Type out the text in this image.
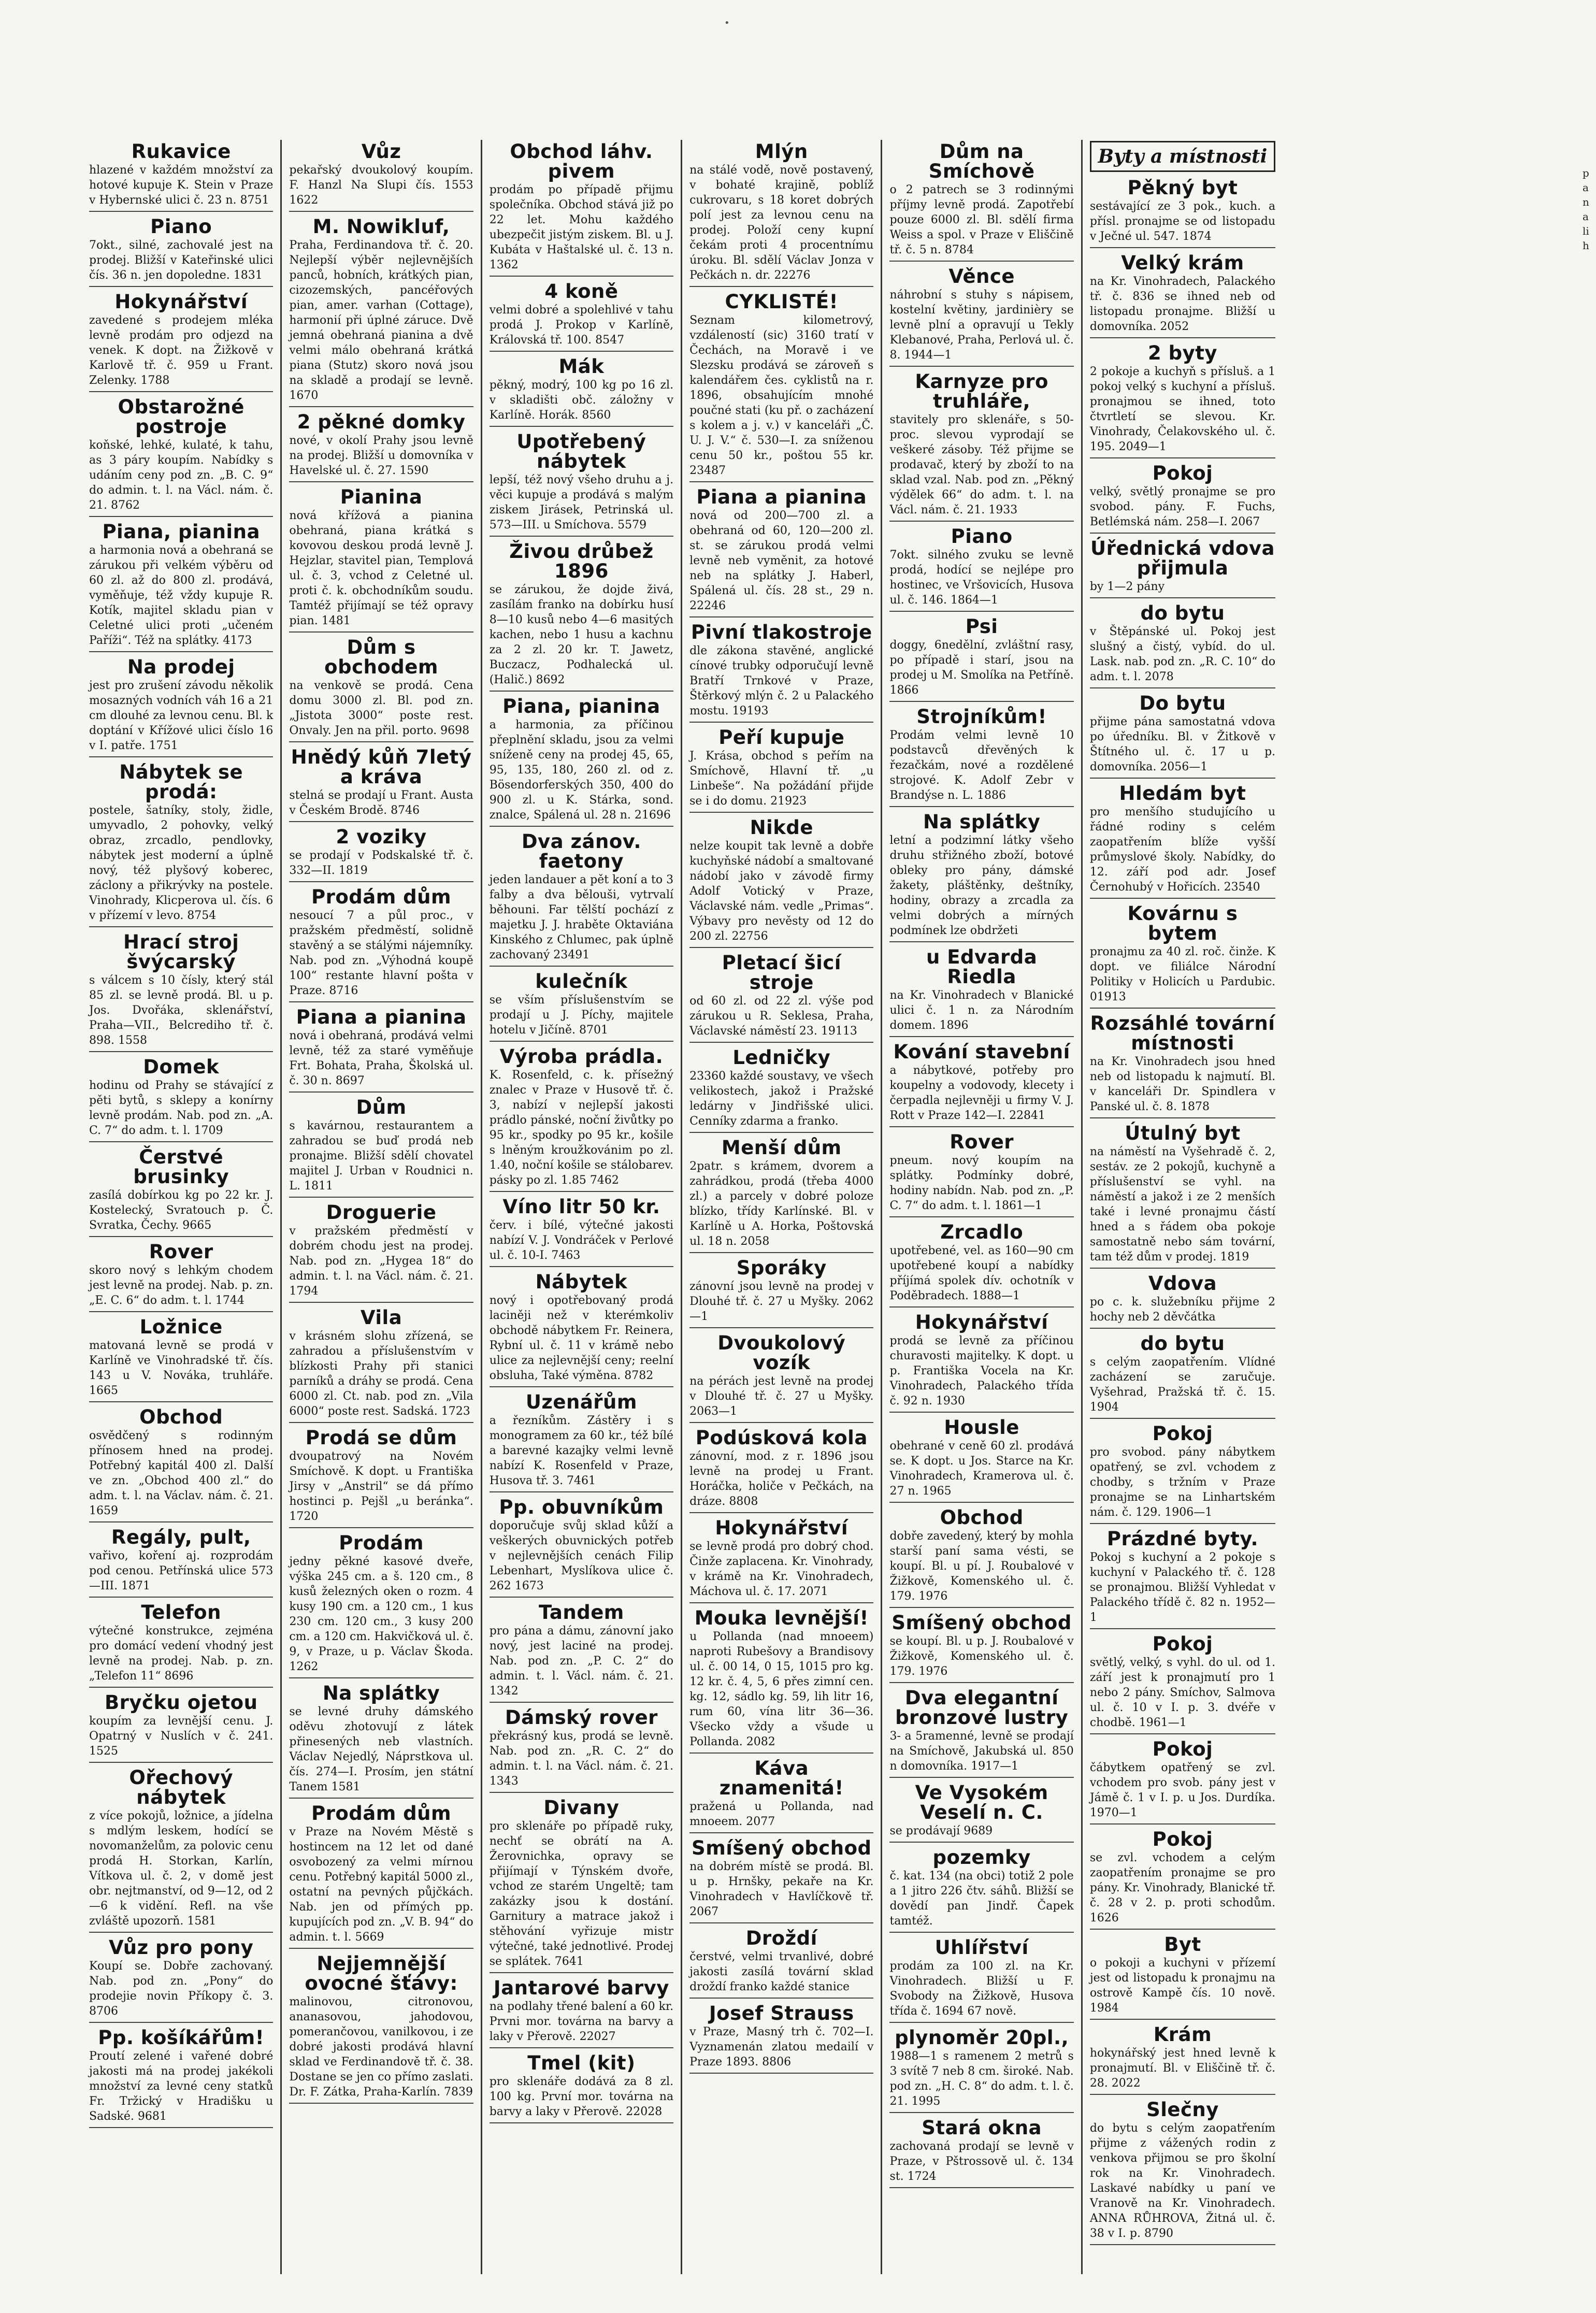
•
Rukavice
hlazené v každém množství za hotové kupuje K. Stein v Praze v Hybernské ulici č. 23 n. 8751
Piano
7okt., silné, zachovalé jest na prodej. Bližší v Kateřinské ulici čís. 36 n. jen dopoledne. 1831
Hokynářství
zavedené s prodejem mléka levně prodám pro odjezd na venek. K dopt. na Žižkově v Karlově tř. č. 959 u Frant. Zelenky. 1788
Obstarožné postroje
koňské, lehké, kulaté, k tahu, as 3 páry koupím. Nabídky s udáním ceny pod zn. „B. C. 9“ do admin. t. l. na Václ. nám. č. 21. 8762
Piana, pianina
a harmonia nová a obehraná se zárukou při velkém výběru od 60 zl. až do 800 zl. prodává, vyměňuje, též vždy kupuje R. Kotík, majitel skladu pian v Celetné ulici proti „učeném Paříži“. Též na splátky. 4173
Na prodej
jest pro zrušení závodu několik mosazných vodních váh 16 a 21 cm dlouhé za levnou cenu. Bl. k doptání v Křížové ulici číslo 16 v I. patře. 1751
Nábytek se prodá:
postele, šatníky, stoly, židle, umyvadlo, 2 pohovky, velký obraz, zrcadlo, pendlovky, nábytek jest moderní a úplně nový, též plyšový koberec, záclony a přikrývky na postele. Vinohrady, Klicperova ul. čís. 6 v přízemí v levo. 8754
Hrací stroj švýcarský
s válcem s 10 čísly, který stál 85 zl. se levně prodá. Bl. u p. Jos. Dvořáka, sklenářství, Praha—VII., Belcrediho tř. č. 898. 1558
Domek
hodinu od Prahy se stávající z pěti bytů, s sklepy a konírny levně prodám. Nab. pod zn. „A. C. 7“ do adm. t. l. 1709
Čerstvé brusinky
zasílá dobírkou kg po 22 kr. J. Kostelecký, Svratouch p. Č. Svratka, Čechy. 9665
Rover
skoro nový s lehkým chodem jest levně na prodej. Nab. p. zn. „E. C. 6“ do adm. t. l. 1744
Ložnice
matovaná levně se prodá v Karlíně ve Vinohradské tř. čís. 143 u V. Nováka, truhláře. 1665
Obchod
osvědčený s rodinným přínosem hned na prodej. Potřebný kapitál 400 zl. Další ve zn. „Obchod 400 zl.“ do adm. t. l. na Václav. nám. č. 21. 1659
Regály, pult,
vařivo, koření aj. rozprodám pod cenou. Petřínská ulice 573—III. 1871
Telefon
výtečné konstrukce, zejména pro domácí vedení vhodný jest levně na prodej. Nab. p. zn. „Telefon 11“ 8696
Bryčku ojetou
koupím za levnější cenu. J. Opatrný v Nuslích v č. 241. 1525
Ořechový nábytek
z více pokojů, ložnice, a jídelna s mdlým leskem, hodící se novomanželům, za polovic cenu prodá H. Storkan, Karlín, Vítkova ul. č. 2, v domě jest obr. nejtmanství, od 9—12, od 2—6 k vidění. Refl. na vše zvláště upozorň. 1581
Vůz pro pony
Koupí se. Dobře zachovaný. Nab. pod zn. „Pony“ do prodejie novin Příkopy č. 3. 8706
Pp. košíkářům!
Proutí zelené i vařené dobré jakosti má na prodej jakékoli množství za levné ceny statků Fr. Tržický v Hradišku u Sadské. 9681
Vůz
pekařský dvoukolový koupím. F. Hanzl Na Slupi čís. 1553 1622
M. Nowikluf,
Praha, Ferdinandova tř. č. 20. Nejlepší výběr nejlevnějších panců, hobních, krátkých pian, cizozemských, pancéřových pian, amer. varhan (Cottage), harmonií při úplné záruce. Dvě jemná obehraná pianina a dvě velmi málo obehraná krátká piana (Stutz) skoro nová jsou na skladě a prodají se levně. 1670
2 pěkné domky
nové, v okolí Prahy jsou levně na prodej. Bližší u domovníka v Havelské ul. č. 27. 1590
Pianina
nová křížová a pianina obehraná, piana krátká s kovovou deskou prodá levně J. Hejzlar, stavitel pian, Templová ul. č. 3, vchod z Celetné ul. proti č. k. obchodníkům soudu. Tamtéž přijímají se též opravy pian. 1481
Dům s obchodem
na venkově se prodá. Cena domu 3000 zl. Bl. pod zn. „Jistota 3000“ poste rest. Onvaly. Jen na přil. porto. 9698
Hnědý kůň 7letý a kráva
stelná se prodají u Frant. Austa v Českém Brodě. 8746
2 voziky
se prodají v Podskalské tř. č. 332—II. 1819
Prodám dům
nesoucí 7 a půl proc., v pražském předměstí, solidně stavěný a se stálými nájemníky. Nab. pod zn. „Výhodná koupě 100“ restante hlavní pošta v Praze. 8716
Piana a pianina
nová i obehraná, prodává velmi levně, též za staré vyměňuje Frt. Bohata, Praha, Školská ul. č. 30 n. 8697
Dům
s kavárnou, restaurantem a zahradou se buď prodá neb pronajme. Bližší sdělí chovatel majitel J. Urban v Roudnici n. L. 1811
Droguerie
v pražském předměstí v dobrém chodu jest na prodej. Nab. pod zn. „Hygea 18“ do admin. t. l. na Václ. nám. č. 21. 1794
Vila
v krásném slohu zřízená, se zahradou a příslušenstvím v blízkosti Prahy při stanici parníků a dráhy se prodá. Cena 6000 zl. Ct. nab. pod zn. „Vila 6000“ poste rest. Sadská. 1723
Prodá se dům
dvoupatrový na Novém Smíchově. K dopt. u Františka Jirsy v „Anstril“ se dá přímo hostinci p. Pejšl „u beránka“. 1720
Prodám
jedny pěkné kasové dveře, výška 245 cm. a š. 120 cm., 8 kusů železných oken o rozm. 4 kusy 190 cm. a 120 cm., 1 kus 230 cm. 120 cm., 3 kusy 200 cm. a 120 cm. Hakvičková ul. č. 9, v Praze, u p. Václav Škoda. 1262
Na splátky
se levné druhy dámského oděvu zhotovují z látek přinesených neb vlastních. Václav Nejedlý, Náprstkova ul. čís. 274—I. Prosím, jen státní Tanem 1581
Prodám dům
v Praze na Novém Městě s hostincem na 12 let od dané osvobozený za velmi mírnou cenu. Potřebný kapitál 5000 zl., ostatní na pevných půjčkách. Nab. jen od přímých pp. kupujících pod zn. „V. B. 94“ do admin. t. l. 5669
Nejjemnější ovocné šťávy:
malinovou, citronovou, ananasovou, jahodovou, pomerančovou, vanilkovou, i ze dobré jakosti prodává hlavní sklad ve Ferdinandově tř. č. 38. Dostane se jen co přímo zaslati. Dr. F. Zátka, Praha-Karlín. 7839
Obchod láhv. pivem
prodám po případě přijmu společníka. Obchod stává již po 22 let. Mohu každého ubezpečit jistým ziskem. Bl. u J. Kubáta v Haštalské ul. č. 13 n. 1362
4 koně
velmi dobré a spolehlivé v tahu prodá J. Prokop v Karlíně, Královská tř. 100. 8547
Mák
pěkný, modrý, 100 kg po 16 zl. v skladišti obč. záložny v Karlíně. Horák. 8560
Upotřebený nábytek
lepší, též nový všeho druhu a j. věci kupuje a prodává s malým ziskem Jirásek, Petrinská ul. 573—III. u Smíchova. 5579
Živou drůbež 1896
se zárukou, že dojde živá, zasílám franko na dobírku husí 8—10 kusů nebo 4—6 masitých kachen, nebo 1 husu a kachnu za 2 zl. 20 kr. T. Jawetz, Buczacz, Podhalecká ul. (Halič.) 8692
Piana, pianina
a harmonia, za příčinou přeplnění skladu, jsou za velmi sníženě ceny na prodej 45, 65, 95, 135, 180, 260 zl. od z. Bösendorferských 350, 400 do 900 zl. u K. Stárka, sond. znalce, Spálená ul. 28 n. 21696
Dva zánov. faetony
jeden landauer a pět koní a to 3 falby a dva bělouši, vytrvalí běhouni. Far tělští pochází z majetku J. J. hraběte Oktaviána Kinského z Chlumec, pak úplně zachovaný 23491
kulečník
se vším příslušenstvím se prodají u J. Píchy, majitele hotelu v Jičíně. 8701
Výroba prádla.
K. Rosenfeld, c. k. přísežný znalec v Praze v Husově tř. č. 3, nabízí v nejlepší jakosti prádlo pánské, noční živůtky po 95 kr., spodky po 95 kr., košile s lněným kroužkovánim po zl. 1.40, noční košile se stálobarev. pásky po zl. 1.85 7462
Víno litr 50 kr.
červ. i bílé, výtečné jakosti nabízí V. J. Vondráček v Perlové ul. č. 10-I. 7463
Nábytek
nový i opotřebovaný prodá laciněji než v kterémkoliv obchodě nábytkem Fr. Reinera, Rybní ul. č. 11 v krámě nebo ulice za nejlevnější ceny; reelní obsluha, Také výměna. 8782
Uzenářům
a řezníkům. Zástěry i s monogramem za 60 kr., též bílé a barevné kazajky velmi levně nabízí K. Rosenfeld v Praze, Husova tř. 3. 7461
Pp. obuvníkům
doporučuje svůj sklad kůží a veškerých obuvnických potřeb v nejlevnějších cenách Filip Lebenhart, Myslíkova ulice č. 262 1673
Tandem
pro pána a dámu, zánovní jako nový, jest laciné na prodej. Nab. pod zn. „P. C. 2“ do admin. t. l. Václ. nám. č. 21. 1342
Dámský rover
překrásný kus, prodá se levně. Nab. pod zn. „R. C. 2“ do admin. t. l. na Václ. nám. č. 21. 1343
Divany
pro sklenáře po případě ruky, nechť se obrátí na A. Žerovnichka, opravy se přijímají v Týnském dvoře, vchod ze starém Ungeltě; tam zakázky jsou k dostání. Garnitury a matrace jakož i stěhování vyřizuje mistr výtečné, také jednotlivé. Prodej se splátek. 7641
Jantarové barvy
na podlahy třené balení a 60 kr. Prvni mor. továrna na barvy a laky v Přerově. 22027
Tmel (kit)
pro sklenáře dodává za 8 zl. 100 kg. První mor. továrna na barvy a laky v Přerově. 22028
Mlýn
na stálé vodě, nově postavený, v bohaté krajině, poblíž cukrovaru, s 18 koret dobrých polí jest za levnou cenu na prodej. Položí ceny kupní čekám proti 4 procentnímu úroku. Bl. sdělí Václav Jonza v Pečkách n. dr. 22276
CYKLISTÉ!
Seznam kilometrový, vzdáleností (sic) 3160 tratí v Čechách, na Moravě i ve Slezsku prodává se zároveň s kalendářem čes. cyklistů na r. 1896, obsahujícím mnohé poučné stati (ku př. o zacházení s kolem a j. v.) v kanceláři „Č. U. J. V.“ č. 530—I. za sníženou cenu 50 kr., poštou 55 kr. 23487
Piana a pianina
nová od 200—700 zl. a obehraná od 60, 120—200 zl. st. se zárukou prodá velmi levně neb vyměnit, za hotové neb na splátky J. Haberl, Spálená ul. čís. 28 st., 29 n. 22246
Pivní tlakostroje
dle zákona stavěné, anglické cínové trubky odporučují levně Bratří Trnkové v Praze, Štěrkový mlýn č. 2 u Palackého mostu. 19193
Peří kupuje
J. Krása, obchod s peřím na Smíchově, Hlavní tř. „u Linbeše“. Na požádání přijde se i do domu. 21923
Nikde
nelze koupit tak levně a dobře kuchyňské nádobí a smaltované nádobí jako v závodě firmy Adolf Votický v Praze, Václavské nám. vedle „Primas“. Výbavy pro nevěsty od 12 do 200 zl. 22756
Pletací šicí stroje
od 60 zl. od 22 zl. výše pod zárukou u R. Seklesa, Praha, Václavské náměstí 23. 19113
Ledničky
23360 každé soustavy, ve všech velikostech, jakož i Pražské ledárny v Jindřišské ulici. Cenníky zdarma a franko.
Menší dům
2patr. s krámem, dvorem a zahrádkou, prodá (třeba 4000 zl.) a parcely v dobré poloze blízko, třídy Karlínské. Bl. v Karlíně u A. Horka, Poštovská ul. 18 n. 2058
Sporáky
zánovní jsou levně na prodej v Dlouhé tř. č. 27 u Myšky. 2062—1
Dvoukolový vozík
na pérách jest levně na prodej v Dlouhé tř. č. 27 u Myšky. 2063—1
Podúsková kola
zánovní, mod. z r. 1896 jsou levně na prodej u Frant. Horáčka, holiče v Pečkách, na dráze. 8808
Hokynářství
se levně prodá pro dobrý chod. Činže zaplacena. Kr. Vinohrady, v krámě na Kr. Vinohradech, Máchova ul. č. 17. 2071
Mouka levnější!
u Pollanda (nad mnoeem) naproti Rubešovy a Brandisovy ul. č. 00 14, 0 15, 1015 pro kg. 12 kr. č. 4, 5, 6 přes zimní cen. kg. 12, sádlo kg. 59, lih litr 16, rum 60, vína litr 36—36. Všecko vždy a všude u Pollanda. 2082
Káva znamenitá!
pražená u Pollanda, nad mnoeem. 2077
Smíšený obchod
na dobrém místě se prodá. Bl. u p. Hrnšky, pekaře na Kr. Vinohradech v Havlíčkově tř. 2067
Droždí
čerstvé, velmi trvanlivé, dobré jakosti zasílá tovární sklad droždí franko každé stanice
Josef Strauss
v Praze, Masný trh č. 702—I. Vyznamenán zlatou medailí v Praze 1893. 8806
Dům na Smíchově
o 2 patrech se 3 rodinnými příjmy levně prodá. Zapotřebí pouze 6000 zl. Bl. sdělí firma Weiss a spol. v Praze v Eliščině tř. č. 5 n. 8784
Věnce
náhrobní s stuhy s nápisem, kostelní květiny, jardinièry se levně plní a opravují u Tekly Klebanové, Praha, Perlová ul. č. 8. 1944—1
Karnyze pro truhláře,
stavitely pro sklenáře, s 50-proc. slevou vyprodají se veškeré zásoby. Též přijme se prodavač, který by zboží to na sklad vzal. Nab. pod zn. „Pěkný výdělek 66“ do adm. t. l. na Václ. nám. č. 21. 1933
Piano
7okt. silného zvuku se levně prodá, hodící se nejlépe pro hostinec, ve Vršovicích, Husova ul. č. 146. 1864—1
Psi
doggy, 6nedělní, zvláštní rasy, po případě i starí, jsou na prodej u M. Smolíka na Petříně. 1866
Strojníkům!
Prodám velmi levně 10 podstavců dřevěných k řezačkám, nové a rozdělené strojové. K. Adolf Zebr v Brandýse n. L. 1886
Na splátky
letní a podzimní látky všeho druhu střižného zboží, botové obleky pro pány, dámské žakety, pláštěnky, deštníky, hodiny, obrazy a zrcadla za velmi dobrých a mírných podmínek lze obdržeti
u Edvarda Riedla
na Kr. Vinohradech v Blanické ulici č. 1 n. za Národním domem. 1896
Kování stavební
a nábytkové, potřeby pro koupelny a vodovody, klecety i čerpadla nejlevněji u firmy V. J. Rott v Praze 142—I. 22841
Rover
pneum. nový koupím na splátky. Podmínky dobré, hodiny nabídn. Nab. pod zn. „P. C. 7“ do adm. t. l. 1861—1
Zrcadlo
upotřebené, vel. as 160—90 cm upotřebené koupí a nabídky příjímá spolek dív. ochotník v Poděbradech. 1888—1
Hokynářství
prodá se levně za příčinou churavosti majitelky. K dopt. u p. Františka Vocela na Kr. Vinohradech, Palackého třída č. 92 n. 1930
Housle
obehrané v ceně 60 zl. prodává se. K dopt. u Jos. Starce na Kr. Vinohradech, Kramerova ul. č. 27 n. 1965
Obchod
dobře zavedený, který by mohla starší paní sama vésti, se koupí. Bl. u pí. J. Roubalové v Žižkově, Komenského ul. č. 179. 1976
Smíšený obchod
se koupí. Bl. u p. J. Roubalové v Žižkově, Komenského ul. č. 179. 1976
Dva elegantní bronzové lustry
3- a 5ramenné, levně se prodají na Smíchově, Jakubská ul. 850 n domovníka. 1917—1
Ve Vysokém Veselí n. C.
se prodávají 9689
pozemky
č. kat. 134 (na obci) totiž 2 pole a 1 jitro 226 čtv. sáhů. Bližší se dovědí pan Jindř. Čapek tamtéž.
Uhlířství
prodám za 100 zl. na Kr. Vinohradech. Bližší u F. Svobody na Žižkově, Husova třída č. 1694 67 nově.
plynoměr 20pl.,
1988—1 s ramenem 2 metrů s 3 svítě 7 neb 8 cm. široké. Nab. pod zn. „H. C. 8“ do adm. t. l. č. 21. 1995
Stará okna
zachovaná prodají se levně v Praze, v Pštrossově ul. č. 134 st. 1724
Byty a místnosti
Pěkný byt
sestávající ze 3 pok., kuch. a přísl. pronajme se od listopadu v Ječné ul. 547. 1874
Velký krám
na Kr. Vinohradech, Palackého tř. č. 836 se ihned neb od listopadu pronajme. Bližší u domovníka. 2052
2 byty
2 pokoje a kuchyň s přísluš. a 1 pokoj velký s kuchyní a přísluš. pronajmou se ihned, toto čtvrtletí se slevou. Kr. Vinohrady, Čelakovského ul. č. 195. 2049—1
Pokoj
velký, světlý pronajme se pro svobod. pány. F. Fuchs, Betlémská nám. 258—I. 2067
Úřednická vdova přijmula
by 1—2 pány
do bytu
v Štěpánské ul. Pokoj jest slušný a čistý, vybíd. do ul. Lask. nab. pod zn. „R. C. 10“ do adm. t. l. 2078
Do bytu
přijme pána samostatná vdova po úředníku. Bl. v Žitkově v Štítného ul. č. 17 u p. domovníka. 2056—1
Hledám byt
pro menšího studujícího u řádné rodiny s celém zaopatřením blíže vyšší průmyslové školy. Nabídky, do 12. září pod adr. Josef Černohubý v Hořicích. 23540
Kovárnu s bytem
pronajmu za 40 zl. roč. činže. K dopt. ve filiálce Národní Politiky v Holicích u Pardubic. 01913
Rozsáhlé tovární místnosti
na Kr. Vinohradech jsou hned neb od listopadu k najmutí. Bl. v kanceláři Dr. Spindlera v Panské ul. č. 8. 1878
Útulný byt
na náměstí na Vyšehradě č. 2, sestáv. ze 2 pokojů, kuchyně a příslušenství se vyhl. na náměstí a jakož i ze 2 menších také i levné pronajmu částí hned a s řádem oba pokoje samostatně nebo sám tovární, tam též dům v prodej. 1819
Vdova
po c. k. služebníku přijme 2 hochy neb 2 děvčátka
do bytu
s celým zaopatřením. Vlídné zacházení se zaručuje. Vyšehrad, Pražská tř. č. 15. 1904
Pokoj
pro svobod. pány nábytkem opatřený, se zvl. vchodem z chodby, s tržním v Praze pronajme se na Linhartském nám. č. 129. 1906—1
Prázdné byty.
Pokoj s kuchyní a 2 pokoje s kuchyní v Palackého tř. č. 128 se pronajmou. Bližší Vyhledat v Palackého třídě č. 82 n. 1952—1
Pokoj
světlý, velký, s vyhl. do ul. od 1. září jest k pronajmutí pro 1 nebo 2 pány. Smíchov, Salmova ul. č. 10 v I. p. 3. dvéře v chodbě. 1961—1
Pokoj
čábytkem opatřený se zvl. vchodem pro svob. pány jest v Jámě č. 1 v I. p. u Jos. Durdíka. 1970—1
Pokoj
se zvl. vchodem a celým zaopatřením pronajme se pro pány. Kr. Vinohrady, Blanické tř. č. 28 v 2. p. proti schodům. 1626
Byt
o pokoji a kuchyni v přízemí jest od listopadu k pronajmu na ostrově Kampě čís. 10 nově. 1984
Krám
hokynářský jest hned levně k pronajmutí. Bl. v Eliščině tř. č. 28. 2022
Slečny
do bytu s celým zaopatřením přijme z vážených rodin z venkova přijmou se pro školní rok na Kr. Vinohradech. Laskavé nabídky u paní ve Vranově na Kr. Vinohradech. ANNA RŮHROVA, Žitná ul. č. 38 v I. p. 8790
p a n a li h
